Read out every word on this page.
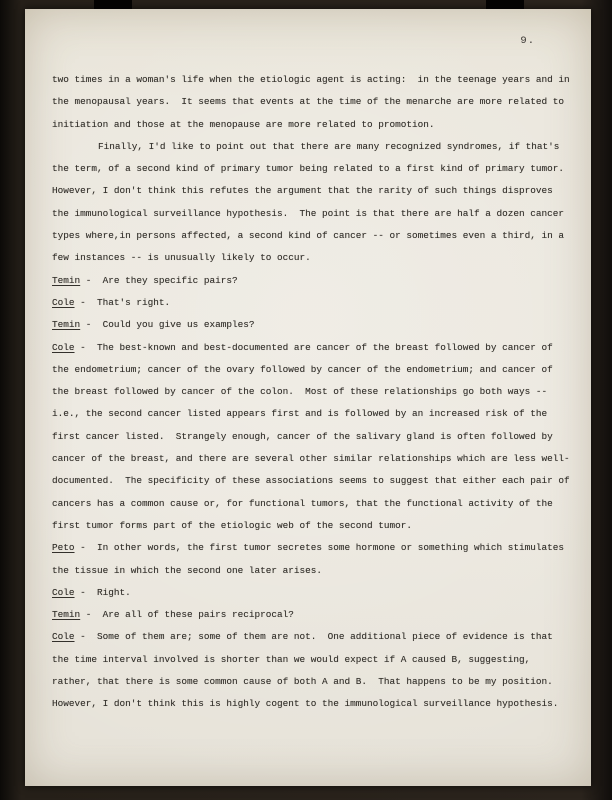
9.
two times in a woman's life when the etiologic agent is acting:  in the teenage years and in the menopausal years.  It seems that events at the time of the menarche are more related to initiation and those at the menopause are more related to promotion.
Finally, I'd like to point out that there are many recognized syndromes, if that's the term, of a second kind of primary tumor being related to a first kind of primary tumor.  However, I don't think this refutes the argument that the rarity of such things disproves the immunological surveillance hypothesis.  The point is that there are half a dozen cancer types where,in persons affected, a second kind of cancer -- or sometimes even a third, in a few instances -- is unusually likely to occur.
Temin -  Are they specific pairs?
Cole -  That's right.
Temin -  Could you give us examples?
Cole -  The best-known and best-documented are cancer of the breast followed by cancer of the endometrium; cancer of the ovary followed by cancer of the endometrium; and cancer of the breast followed by cancer of the colon.  Most of these relationships go both ways -- i.e., the second cancer listed appears first and is followed by an increased risk of the first cancer listed.  Strangely enough, cancer of the salivary gland is often followed by cancer of the breast, and there are several other similar relationships which are less well-documented.  The specificity of these associations seems to suggest that either each pair of cancers has a common cause or, for functional tumors, that the functional activity of the first tumor forms part of the etiologic web of the second tumor.
Peto -  In other words, the first tumor secretes some hormone or something which stimulates the tissue in which the second one later arises.
Cole -  Right.
Temin -  Are all of these pairs reciprocal?
Cole -  Some of them are; some of them are not.  One additional piece of evidence is that the time interval involved is shorter than we would expect if A caused B, suggesting, rather, that there is some common cause of both A and B.  That happens to be my position.  However, I don't think this is highly cogent to the immunological surveillance hypothesis.
